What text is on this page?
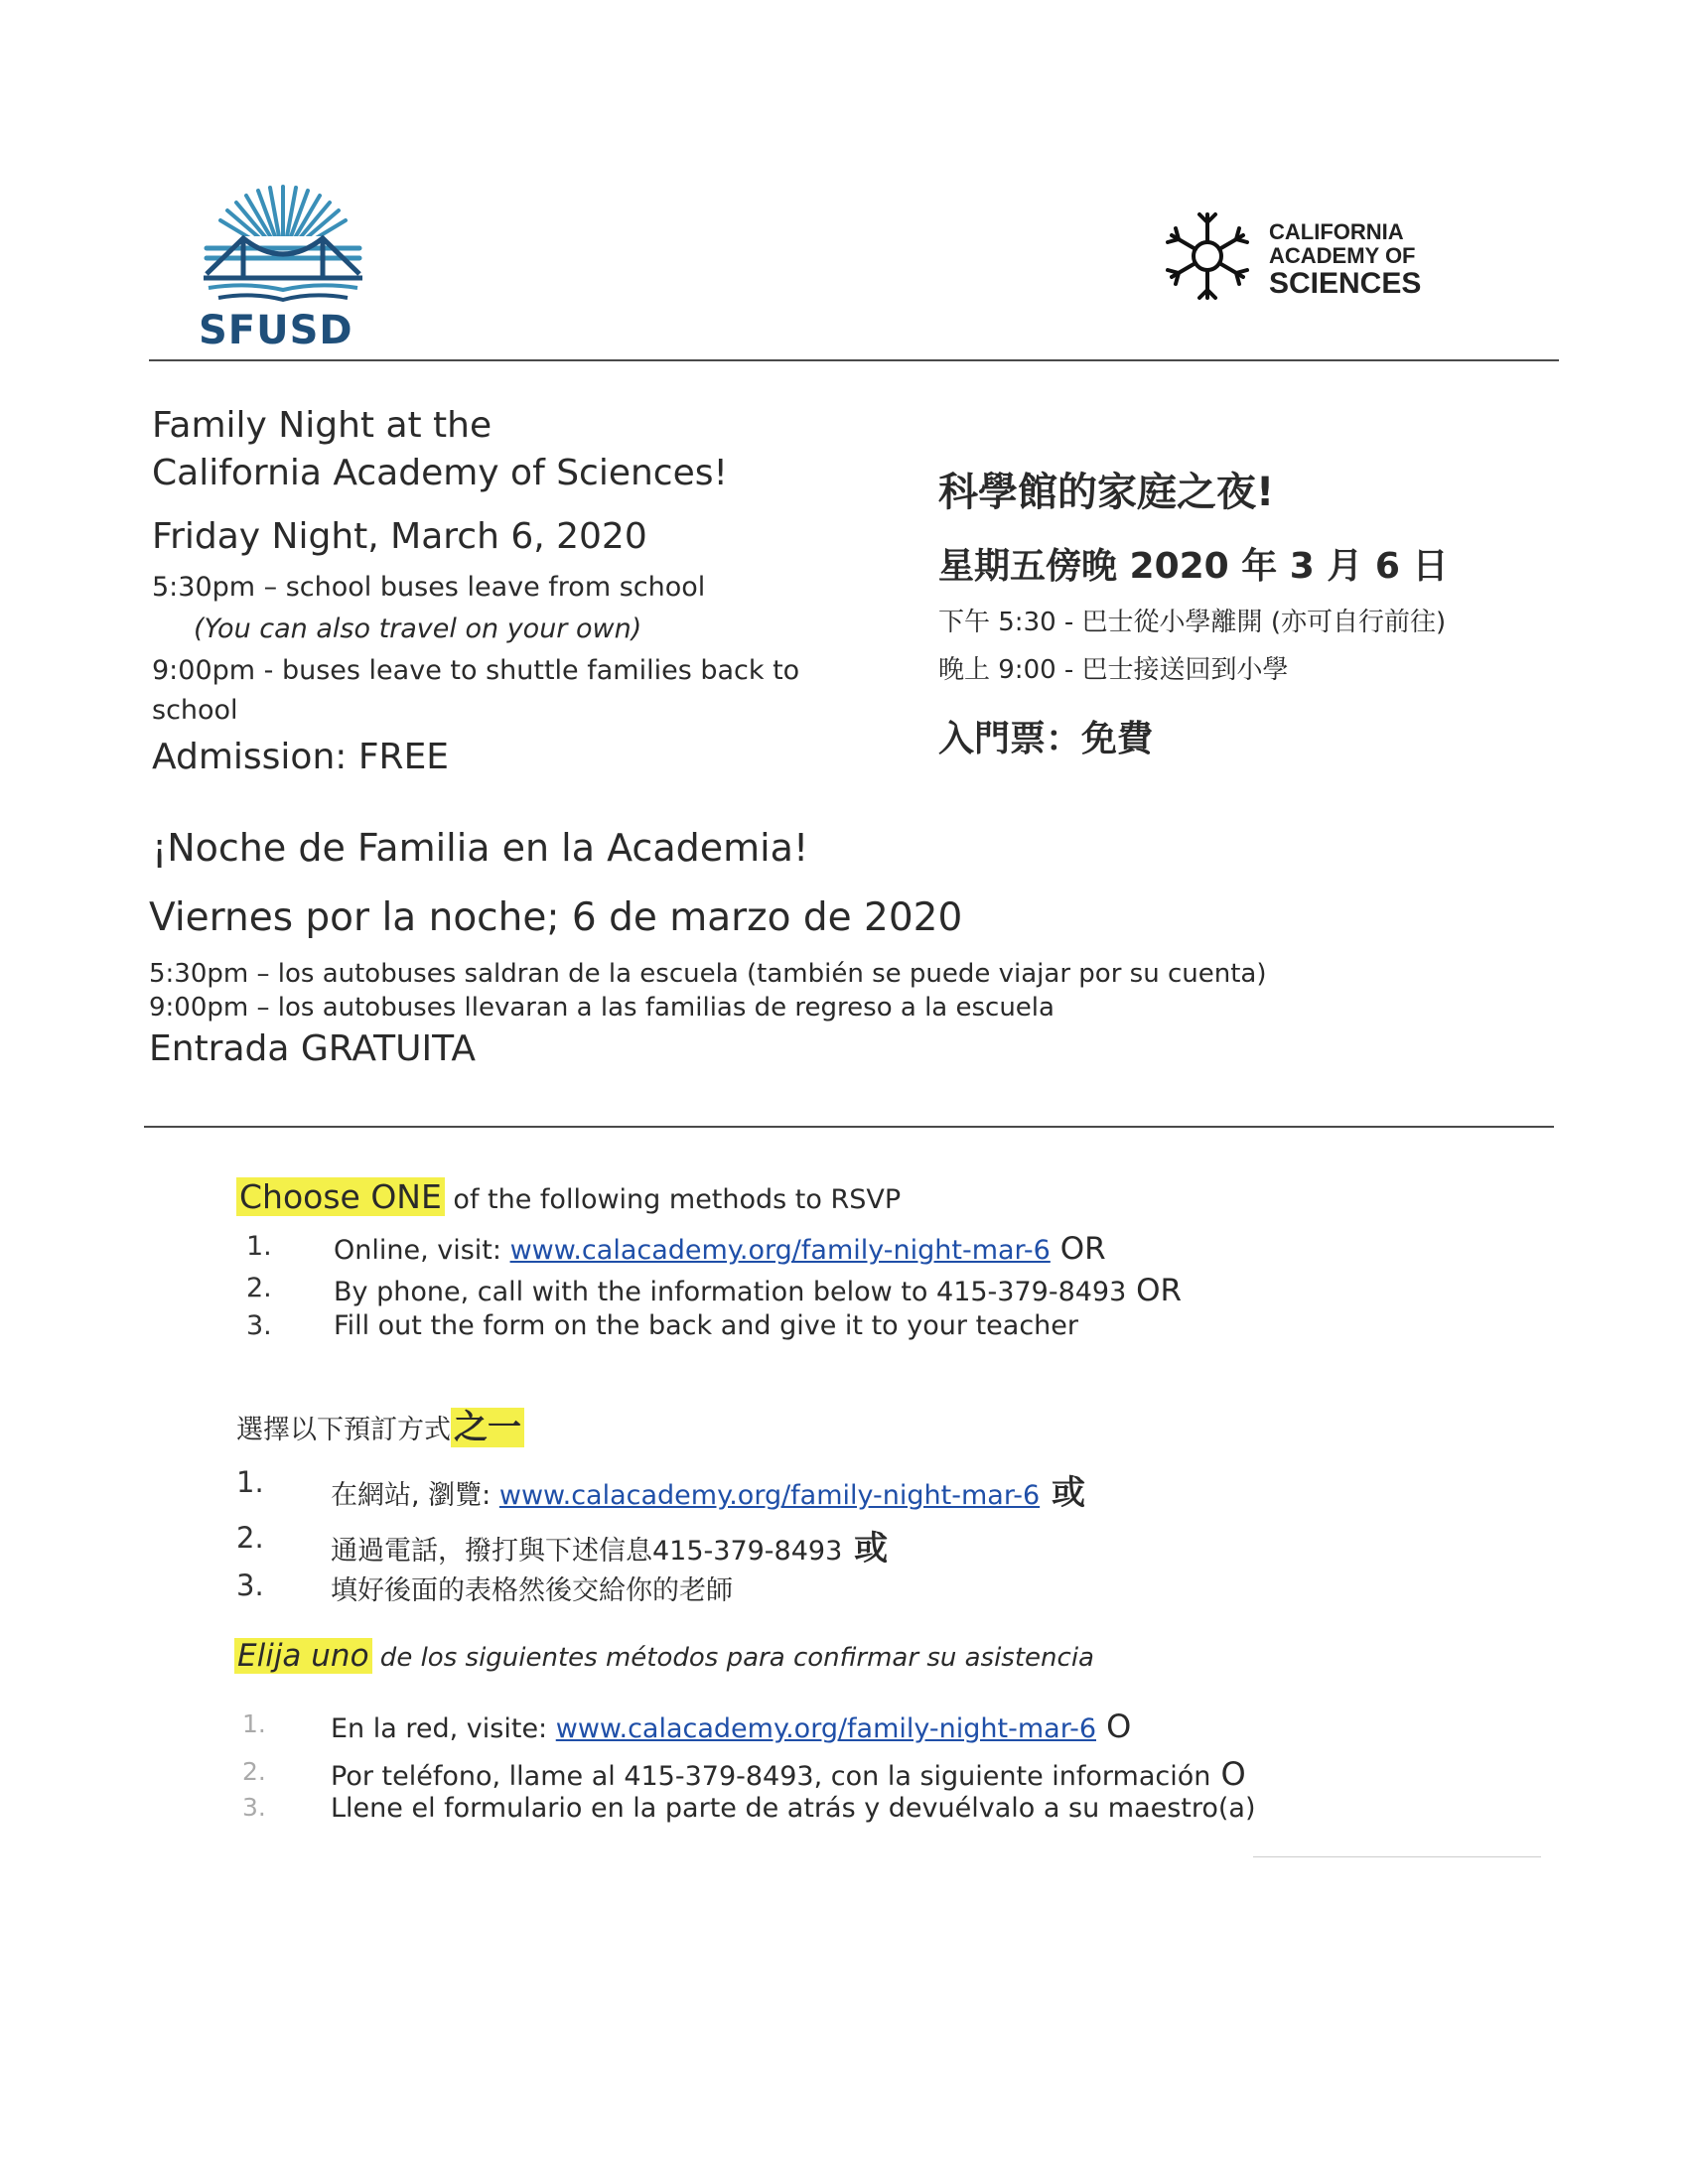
SFUSD
CALIFORNIA
ACADEMY OF
SCIENCES
Family Night at the
California Academy of Sciences!
Friday Night, March 6, 2020
5:30pm – school buses leave from school
(You can also travel on your own)
9:00pm - buses leave to shuttle families back to
school
Admission: FREE
科學館的家庭之夜!
星期五傍晚 2020 年 3 月 6 日
下午 5:30 - 巴士從小學離開 (亦可自行前往)
晚上 9:00 - 巴士接送回到小學
入門票：免費
¡Noche de Familia en la Academia!
Viernes por la noche; 6 de marzo de 2020
5:30pm – los autobuses saldran de la escuela (también se puede viajar por su cuenta)
9:00pm – los autobuses llevaran a las familias de regreso a la escuela
Entrada GRATUITA
Choose ONE of the following methods to RSVP
1. Online, visit: www.calacademy.org/family-night-mar-6 OR
2. By phone, call with the information below to 415-379-8493 OR
3. Fill out the form on the back and give it to your teacher
選擇以下預訂方式之一
1. 在網站, 瀏覽: www.calacademy.org/family-night-mar-6 或
2. 通過電話，撥打與下述信息415-379-8493 或
3. 填好後面的表格然後交給你的老師
Elija uno de los siguientes métodos para confirmar su asistencia
1. En la red, visite: www.calacademy.org/family-night-mar-6 O
2. Por teléfono, llame al 415-379-8493, con la siguiente información O
3. Llene el formulario en la parte de atrás y devuélvalo a su maestro(a)
